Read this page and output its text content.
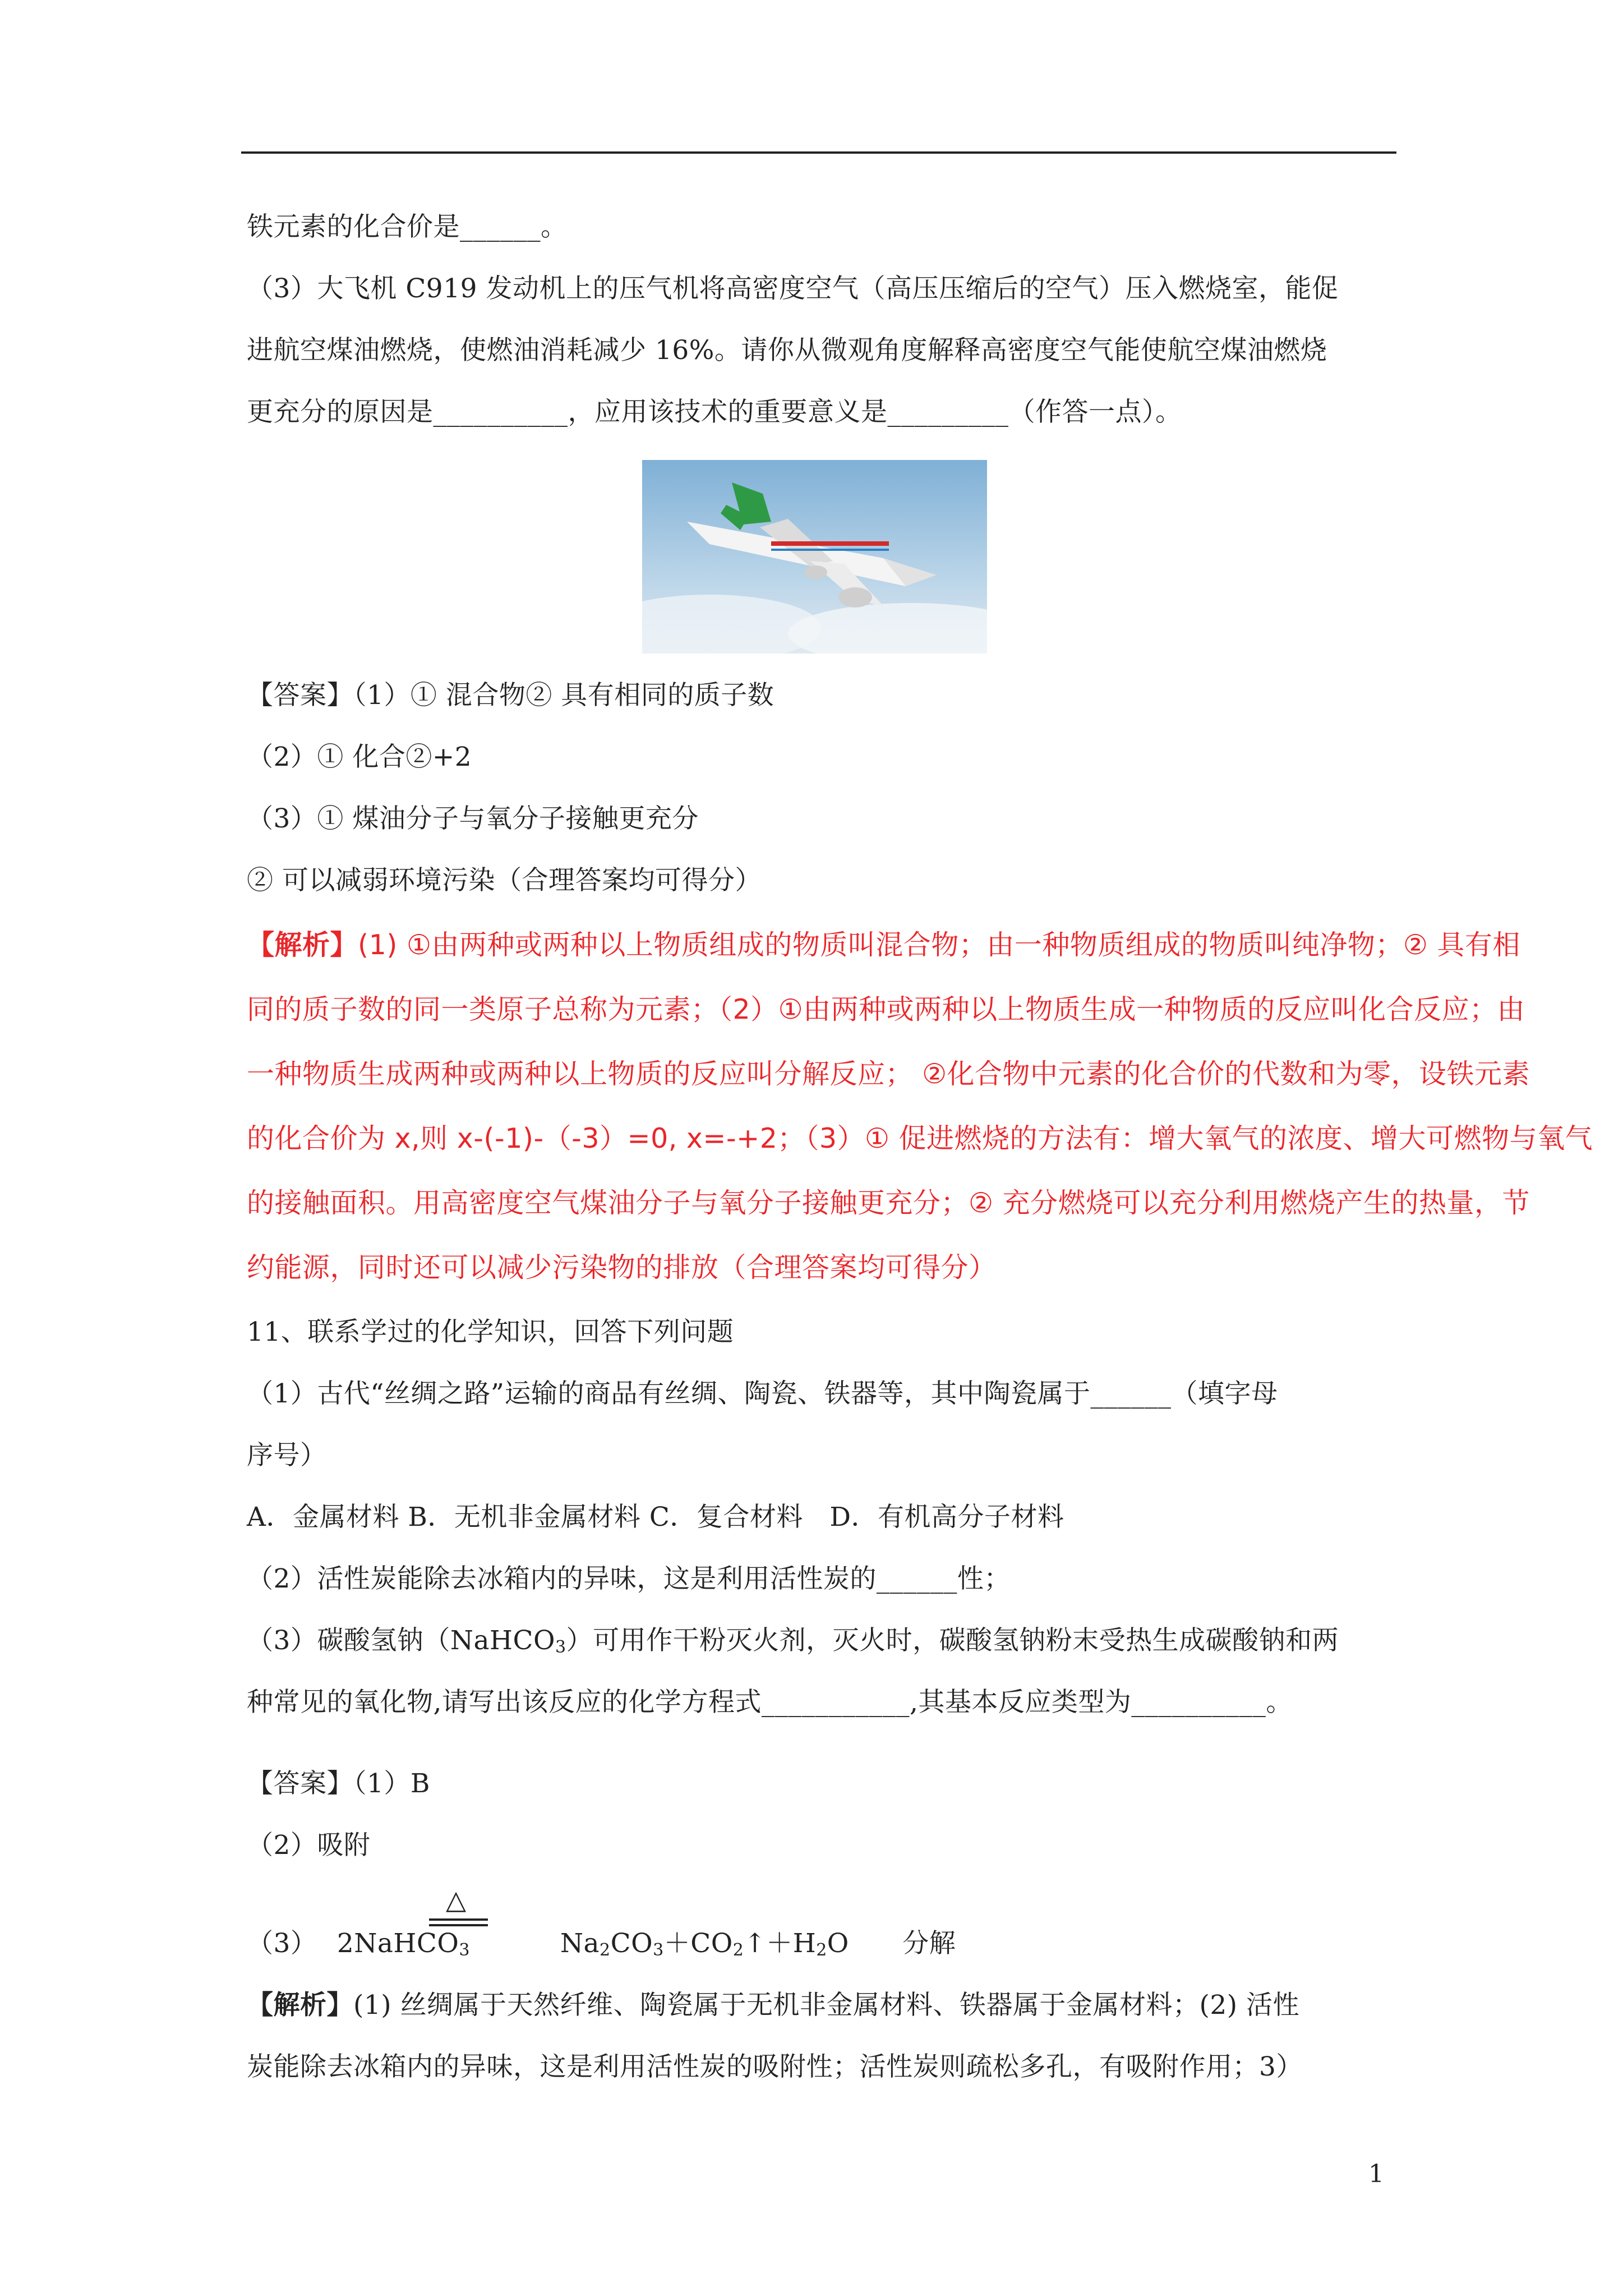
铁元素的化合价是______。
（3）大飞机 C919 发动机上的压气机将高密度空气（高压压缩后的空气）压入燃烧室，能促
进航空煤油燃烧，使燃油消耗减少 16%。请你从微观角度解释高密度空气能使航空煤油燃烧
更充分的原因是__________，应用该技术的重要意义是_________（作答一点）。
【答案】（1）① 混合物② 具有相同的质子数
（2）① 化合②+2
（3）① 煤油分子与氧分子接触更充分
② 可以减弱环境污染（合理答案均可得分）
【解析】(1) ①由两种或两种以上物质组成的物质叫混合物；由一种物质组成的物质叫纯净物；② 具有相
同的质子数的同一类原子总称为元素；（2）①由两种或两种以上物质生成一种物质的反应叫化合反应；由
一种物质生成两种或两种以上物质的反应叫分解反应； ②化合物中元素的化合价的代数和为零，设铁元素
的化合价为 x,则 x-(-1)-（-3）=0, x=-+2；（3）① 促进燃烧的方法有：增大氧气的浓度、增大可燃物与氧气
的接触面积。用高密度空气煤油分子与氧分子接触更充分；② 充分燃烧可以充分利用燃烧产生的热量，节
约能源，同时还可以减少污染物的排放（合理答案均可得分）
11、联系学过的化学知识，回答下列问题
（1）古代“丝绸之路”运输的商品有丝绸、陶瓷、铁器等，其中陶瓷属于______（填字母
序号）
A．金属材料 B．无机非金属材料 C．复合材料　D．有机高分子材料
（2）活性炭能除去冰箱内的异味，这是利用活性炭的______性；
（3）碳酸氢钠（NaHCO$_3$）可用作干粉灭火剂，灭火时，碳酸氢钠粉末受热生成碳酸钠和两
种常见的氧化物,请写出该反应的化学方程式___________,其基本反应类型为__________。
【答案】（1）B
（2）吸附
（3） 2NaHCO$_3$	$Na_2CO_3+CO_2↑+H_2O$ 分解
△
【解析】(1) 丝绸属于天然纤维、陶瓷属于无机非金属材料、铁器属于金属材料；(2) 活性
炭能除去冰箱内的异味，这是利用活性炭的吸附性；活性炭则疏松多孔，有吸附作用；3）
1
